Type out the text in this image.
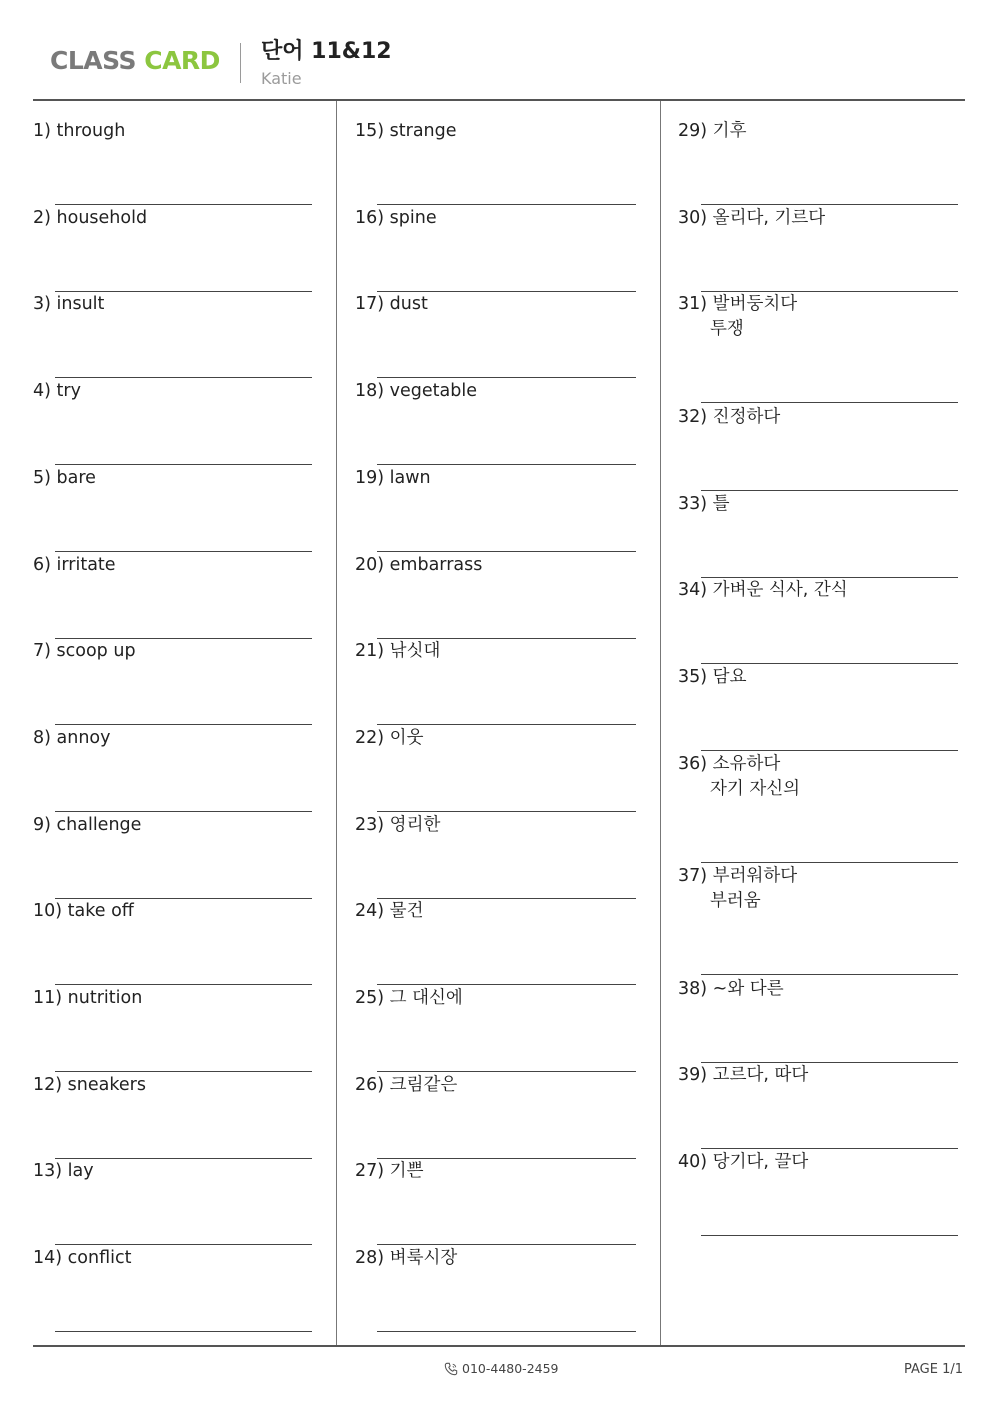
CLASS CARD 단어 11&12
Katie
1) through
2) household
3) insult
4) try
5) bare
6) irritate
7) scoop up
8) annoy
9) challenge
10) take off
11) nutrition
12) sneakers
13) lay
14) conflict
15) strange
16) spine
17) dust
18) vegetable
19) lawn
20) embarrass
21) 낚싯대
22) 이웃
23) 영리한
24) 물건
25) 그 대신에
26) 크림같은
27) 기쁜
28) 벼룩시장
29) 기후
30) 올리다, 기르다
31) 발버둥치다
투쟁
32) 진정하다
33) 틀
34) 가벼운 식사, 간식
35) 담요
36) 소유하다
자기 자신의
37) 부러워하다
부러움
38) ~와 다른
39) 고르다, 따다
40) 당기다, 끌다
010-4480-2459	PAGE 1/1
